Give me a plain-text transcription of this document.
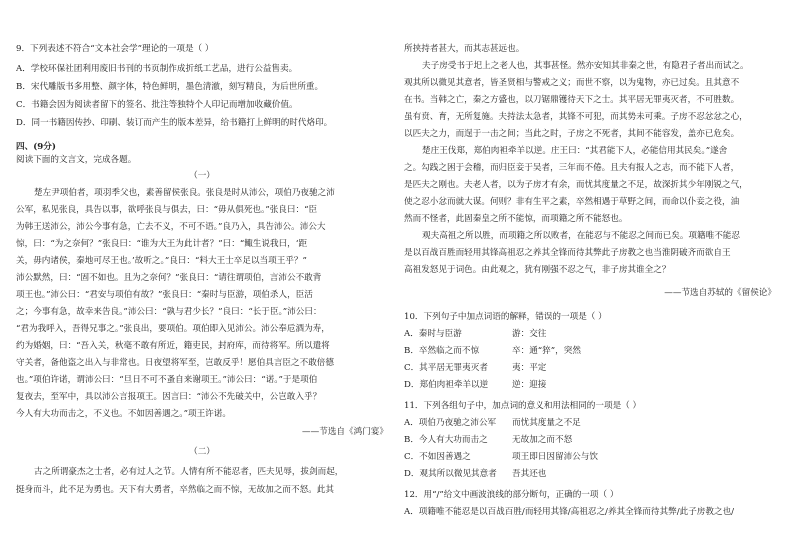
9．下列表述不符合“文本社会学”理论的一项是（ ）
A．学校环保社团利用废旧书刊的书页制作成折纸工艺品，进行公益售卖。
B．宋代雕版书多用整、颜字体，特色鲜明，墨色清澈，刻写精良，为后世所重。
C．书籍会因为阅读者留下的签名、批注等独特个人印记而增加收藏价值。
D．同一书籍因传抄、印刷、装订而产生的版本差异，给书籍打上鲜明的时代烙印。
四、(9分)
阅读下面的文言文，完成各题。
（一）
楚左尹项伯者，项羽季父也，素善留侯张良。张良是时从沛公，项伯乃夜驰之沛
公军，私见张良，具告以事，欲呼张良与俱去，曰：“毋从俱死也。”张良曰：“臣
为韩王送沛公，沛公今事有急，亡去不义，不可不语。”良乃入，具告沛公。沛公大
惊，曰：“为之奈何？”张良曰：“谁为大王为此计者？”曰：“鲰生说我曰，‘距
关，毋内诸侯，秦地可尽王也。’故听之。”良曰：“料大王士卒足以当项王乎？”
沛公默然，曰：“固不如也。且为之奈何？”张良曰：“请往谓项伯，言沛公不敢背
项王也。”沛公曰：“君安与项伯有故？”张良曰：“秦时与臣游，项伯杀人，臣活
之；今事有急，故幸来告良。”沛公曰：“孰与君少长？”良曰：“长于臣。”沛公曰：
“君为我呼入，吾得兄事之。”张良出，要项伯。项伯即入见沛公。沛公奉卮酒为寿，
约为婚姻，曰：“吾入关，秋毫不敢有所近，籍吏民，封府库，而待将军。所以遣将
守关者，备他盗之出入与非常也。日夜望将军至，岂敢反乎！愿伯具言臣之不敢倍德
也。”项伯许诺，谓沛公曰：“旦日不可不蚤自来谢项王。”沛公曰：“诺。”于是项伯
复夜去，至军中，具以沛公言报项王。因言曰：“沛公不先破关中，公岂敢入乎？
今人有大功而击之，不义也。不如因善遇之。”项王许诺。
——节选自《鸿门宴》
（二）
古之所谓豪杰之士者，必有过人之节。人情有所不能忍者，匹夫见辱，拔剑而起，
挺身而斗，此不足为勇也。天下有大勇者，卒然临之而不惊，无故加之而不怒。此其
所挟持者甚大，而其志甚远也。
夫子房受书于圯上之老人也，其事甚怪。然亦安知其非秦之世，有隐君子者出而试之。
观其所以微见其意者，皆圣贤相与警戒之义；而世不察，以为鬼物，亦已过矣。且其意不
在书。当韩之亡，秦之方盛也，以刀锯鼎镬待天下之士。其平居无罪夷灭者，不可胜数。
虽有贲、育，无所复施。夫持法太急者，其锋不可犯，而其势未可乘。子房不忍忿忿之心，
以匹夫之力，而逞于一击之间；当此之时，子房之不死者，其间不能容发，盖亦已危矣。
楚庄王伐郑，郑伯肉袒牵羊以逆。庄王曰：“其君能下人，必能信用其民矣。”遂舍
之。勾践之困于会稽，而归臣妾于吴者，三年而不倦。且夫有报人之志，而不能下人者，
是匹夫之刚也。夫老人者，以为子房才有余，而忧其度量之不足，故深折其少年刚锐之气，
使之忍小忿而就大谋。何则？非有生平之素，卒然相遇于草野之间，而命以仆妾之役，油
然而不怪者，此固秦皇之所不能惊，而项籍之所不能怒也。
观夫高祖之所以胜，而项籍之所以败者，在能忍与不能忍之间而已矣。项籍唯不能忍
是以百战百胜而轻用其锋高祖忍之养其全锋而待其弊此子房教之也当淮阴破齐而欲自王
高祖发怒见于词色。由此观之，犹有刚强不忍之气，非子房其谁全之？
——节选自苏轼的《留侯论》
10．下列句子中加点词语的解释，错误的一项是（ ）
A．秦时与臣游	游：交往
B．卒然临之而不惊	卒：通“猝”，突然
C．其平居无罪夷灭者	夷：平定
D．郑伯肉袒牵羊以逆	逆：迎接
11．下列各组句子中，加点词的意义和用法相同的一项是（ ）
A．项伯乃夜驰之沛公军	而忧其度量之不足
B．今人有大功而击之	无故加之而不怒
C．不如因善遇之	项王即日因留沛公与饮
D．观其所以微见其意者	吾其还也
12．用“/”给文中画波浪线的部分断句，正确的一项（ ）
A．项籍唯不能忍是以百战百胜/而轻用其锋/高祖忍之/养其全锋而待其弊/此子房教之也/
